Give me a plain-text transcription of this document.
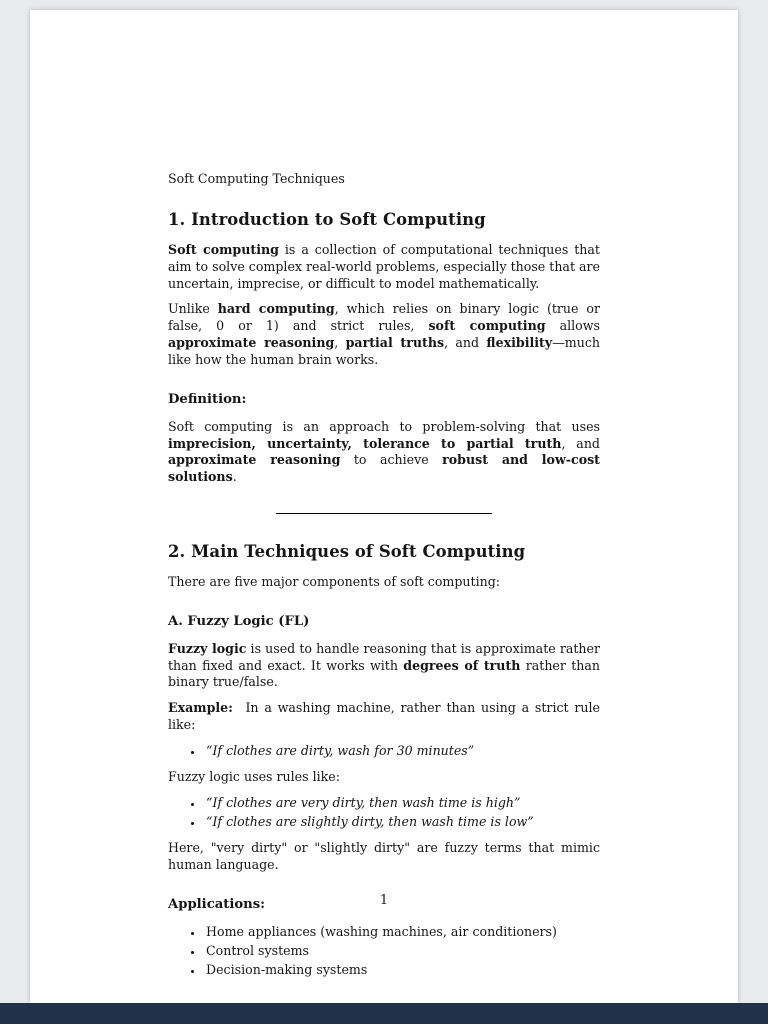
Soft Computing Techniques

1. Introduction to Soft Computing

Soft computing is a collection of computational techniques that aim to solve complex real-world problems, especially those that are uncertain, imprecise, or difficult to model mathematically.

Unlike hard computing, which relies on binary logic (true or false, 0 or 1) and strict rules, soft computing allows approximate reasoning, partial truths, and flexibility—much like how the human brain works.

Definition:

Soft computing is an approach to problem-solving that uses imprecision, uncertainty, tolerance to partial truth, and approximate reasoning to achieve robust and low-cost solutions.

2. Main Techniques of Soft Computing

There are five major components of soft computing:

A. Fuzzy Logic (FL)

Fuzzy logic is used to handle reasoning that is approximate rather than fixed and exact. It works with degrees of truth rather than binary true/false.

Example: In a washing machine, rather than using a strict rule like:

• “If clothes are dirty, wash for 30 minutes”

Fuzzy logic uses rules like:

• “If clothes are very dirty, then wash time is high”
• “If clothes are slightly dirty, then wash time is low”

Here, "very dirty" or "slightly dirty" are fuzzy terms that mimic human language.

Applications:
• Home appliances (washing machines, air conditioners)
• Control systems
• Decision-making systems
1
